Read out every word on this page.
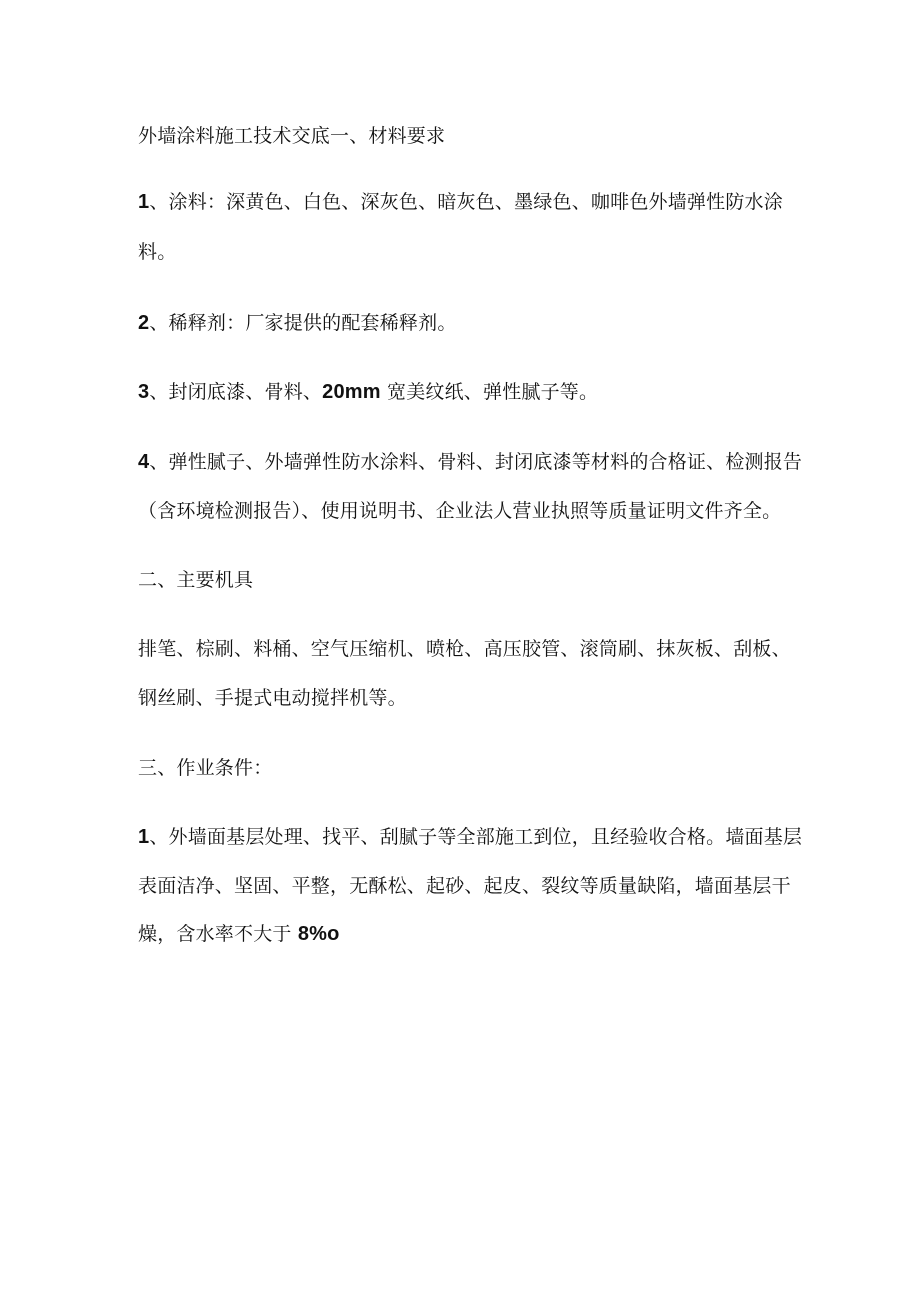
外墙涂料施工技术交底一、材料要求
1、涂料：深黄色、白色、深灰色、暗灰色、墨绿色、咖啡色外墙弹性防水涂
料。
2、稀释剂：厂家提供的配套稀释剂。
3、封闭底漆、骨料、20mm 宽美纹纸、弹性腻子等。
4、弹性腻子、外墙弹性防水涂料、骨料、封闭底漆等材料的合格证、检测报告
（含环境检测报告）、使用说明书、企业法人营业执照等质量证明文件齐全。
二、主要机具
排笔、棕刷、料桶、空气压缩机、喷枪、高压胶管、滚筒刷、抹灰板、刮板、
钢丝刷、手提式电动搅拌机等。
三、作业条件：
1、外墙面基层处理、找平、刮腻子等全部施工到位，且经验收合格。墙面基层
表面洁净、坚固、平整，无酥松、起砂、起皮、裂纹等质量缺陷，墙面基层干
燥，含水率不大于 8%o
